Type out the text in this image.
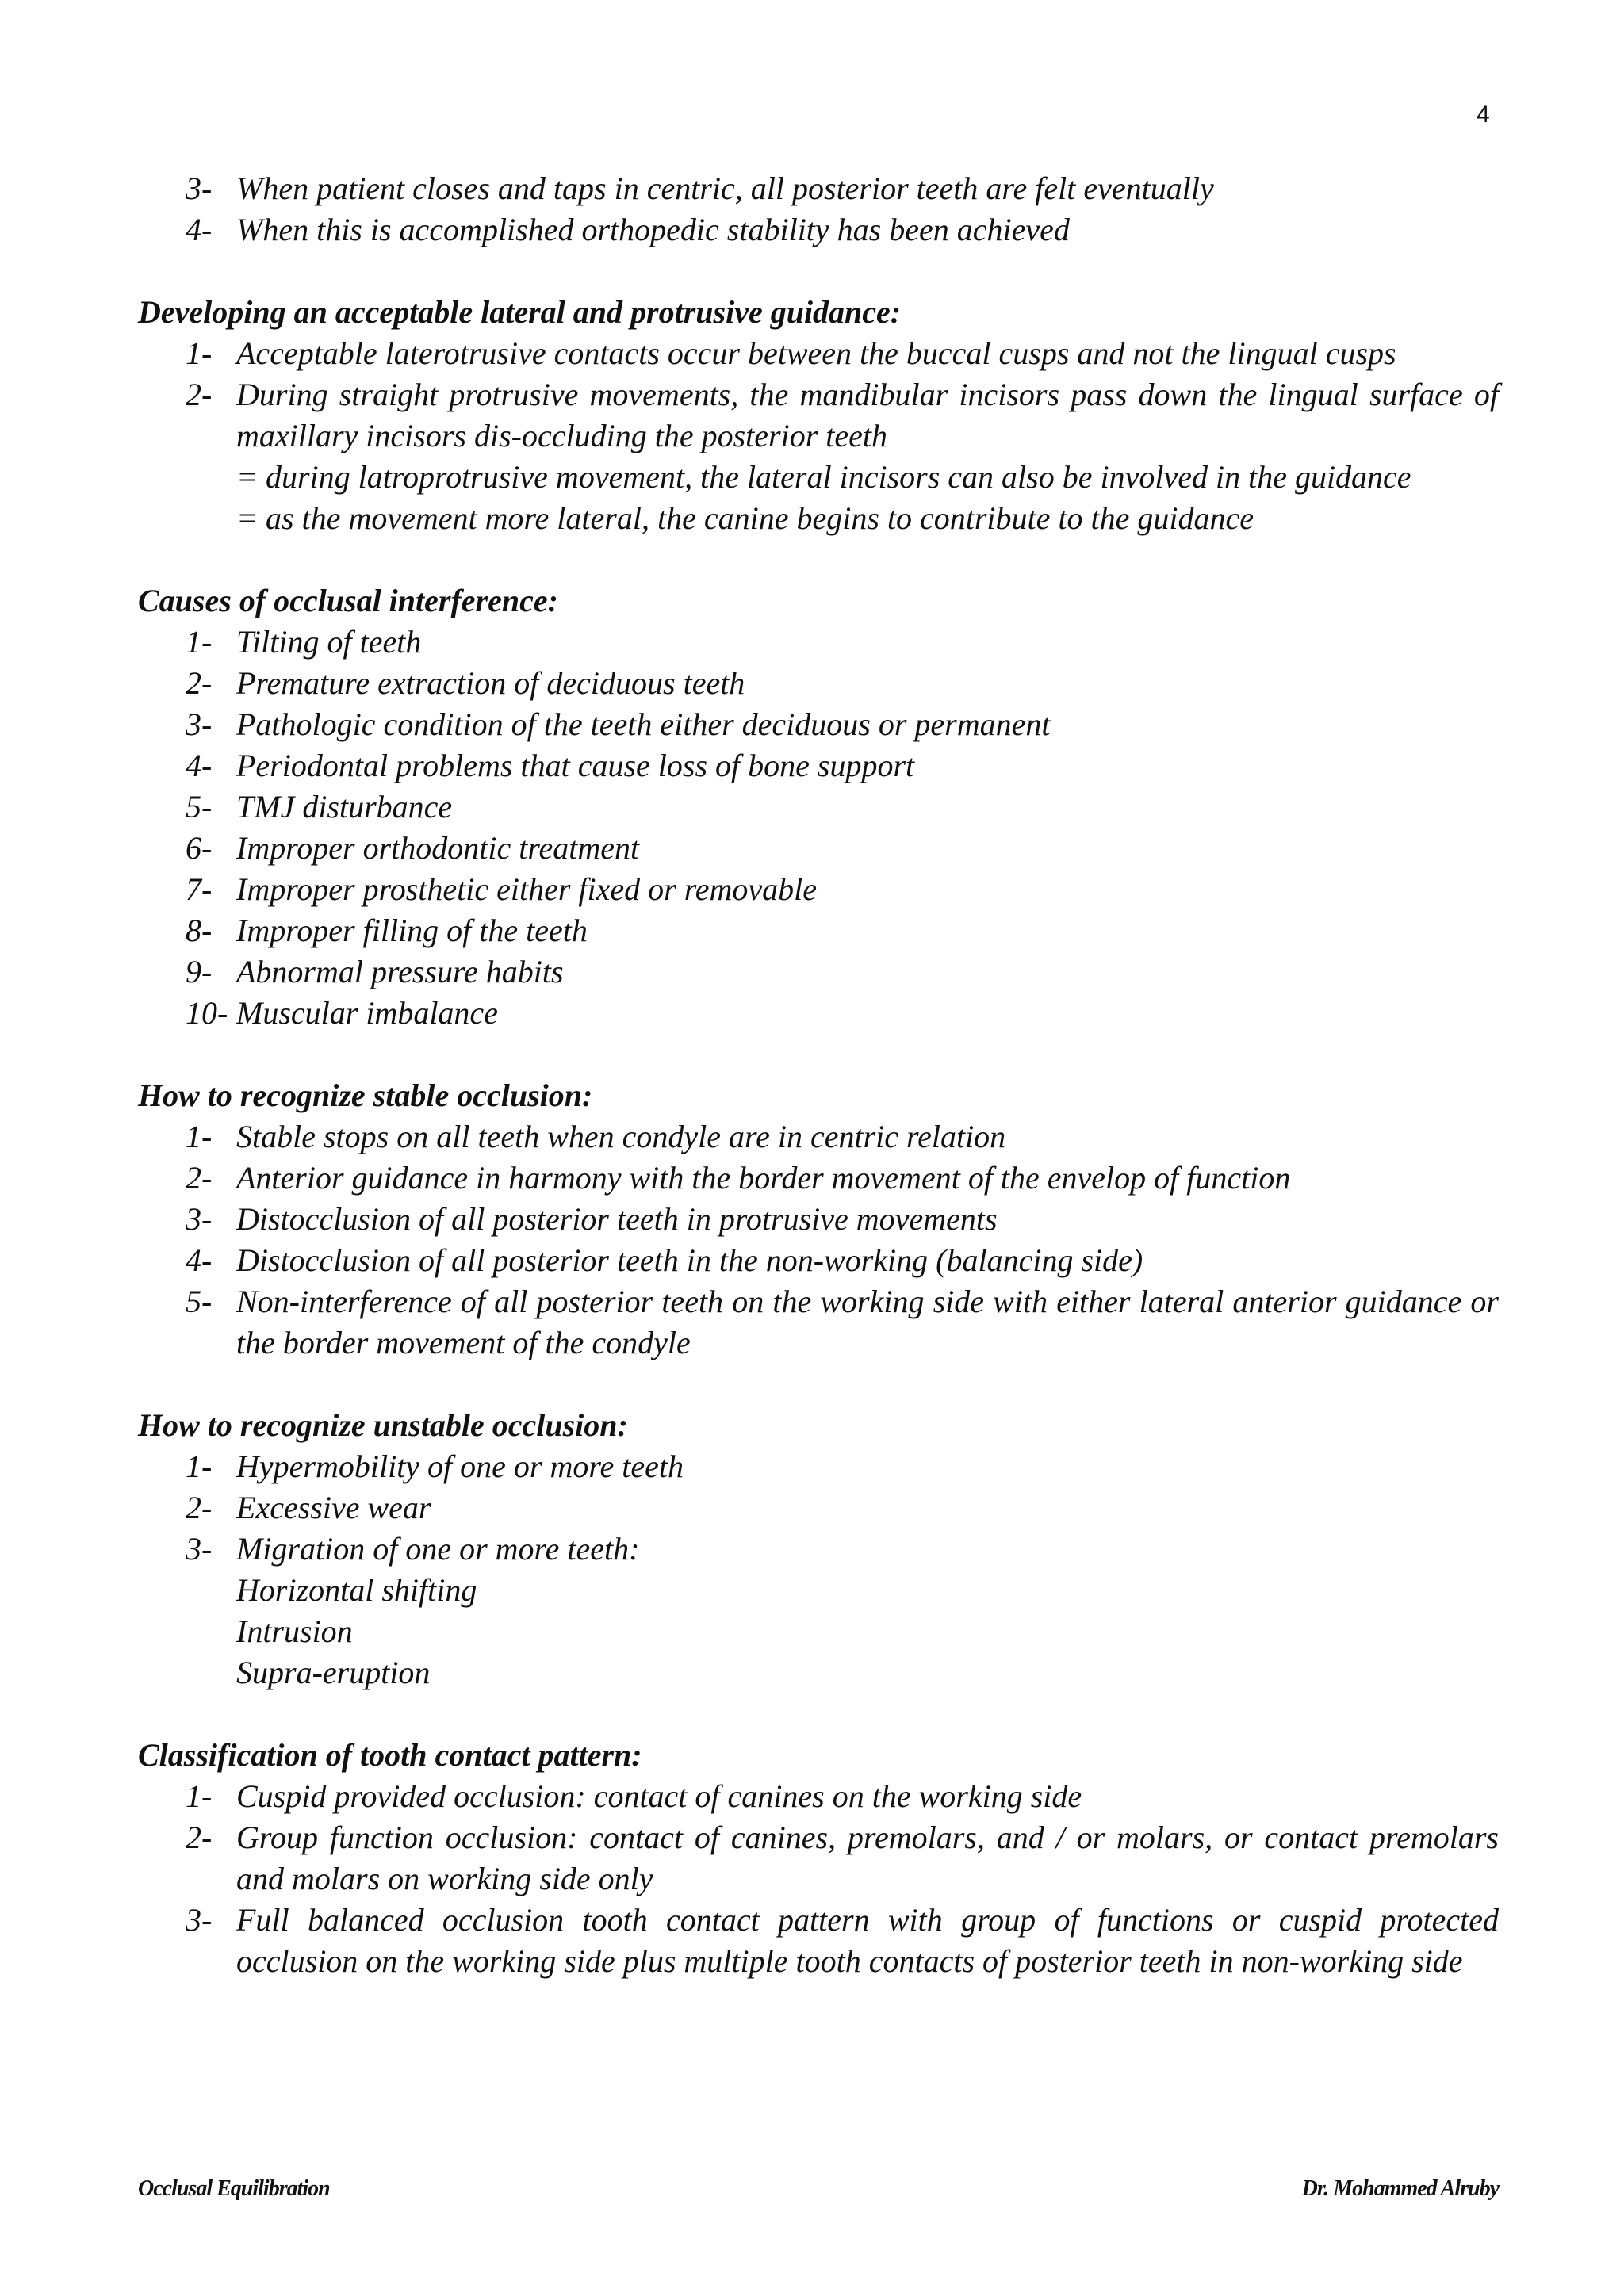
4
3- When patient closes and taps in centric, all posterior teeth are felt eventually
4- When this is accomplished orthopedic stability has been achieved

Developing an acceptable lateral and protrusive guidance:

1- Acceptable laterotrusive contacts occur between the buccal cusps and not the lingual cusps
2- During straight protrusive movements, the mandibular incisors pass down the lingual surface of maxillary incisors dis-occluding the posterior teeth
= during latroprotrusive movement, the lateral incisors can also be involved in the guidance
= as the movement more lateral, the canine begins to contribute to the guidance

Causes of occlusal interference:

1- Tilting of teeth
2- Premature extraction of deciduous teeth
3- Pathologic condition of the teeth either deciduous or permanent
4- Periodontal problems that cause loss of bone support
5- TMJ disturbance
6- Improper orthodontic treatment
7- Improper prosthetic either fixed or removable
8- Improper filling of the teeth
9- Abnormal pressure habits
10- Muscular imbalance

How to recognize stable occlusion:

1- Stable stops on all teeth when condyle are in centric relation
2- Anterior guidance in harmony with the border movement of the envelop of function
3- Distocclusion of all posterior teeth in protrusive movements
4- Distocclusion of all posterior teeth in the non-working (balancing side)
5- Non-interference of all posterior teeth on the working side with either lateral anterior guidance or the border movement of the condyle

How to recognize unstable occlusion:

1- Hypermobility of one or more teeth
2- Excessive wear
3- Migration of one or more teeth:
Horizontal shifting
Intrusion
Supra-eruption

Classification of tooth contact pattern:

1- Cuspid provided occlusion: contact of canines on the working side
2- Group function occlusion: contact of canines, premolars, and / or molars, or contact premolars and molars on working side only
3- Full balanced occlusion tooth contact pattern with group of functions or cuspid protected occlusion on the working side plus multiple tooth contacts of posterior teeth in non-working side
Occlusal Equilibration	Dr. Mohammed Alruby
